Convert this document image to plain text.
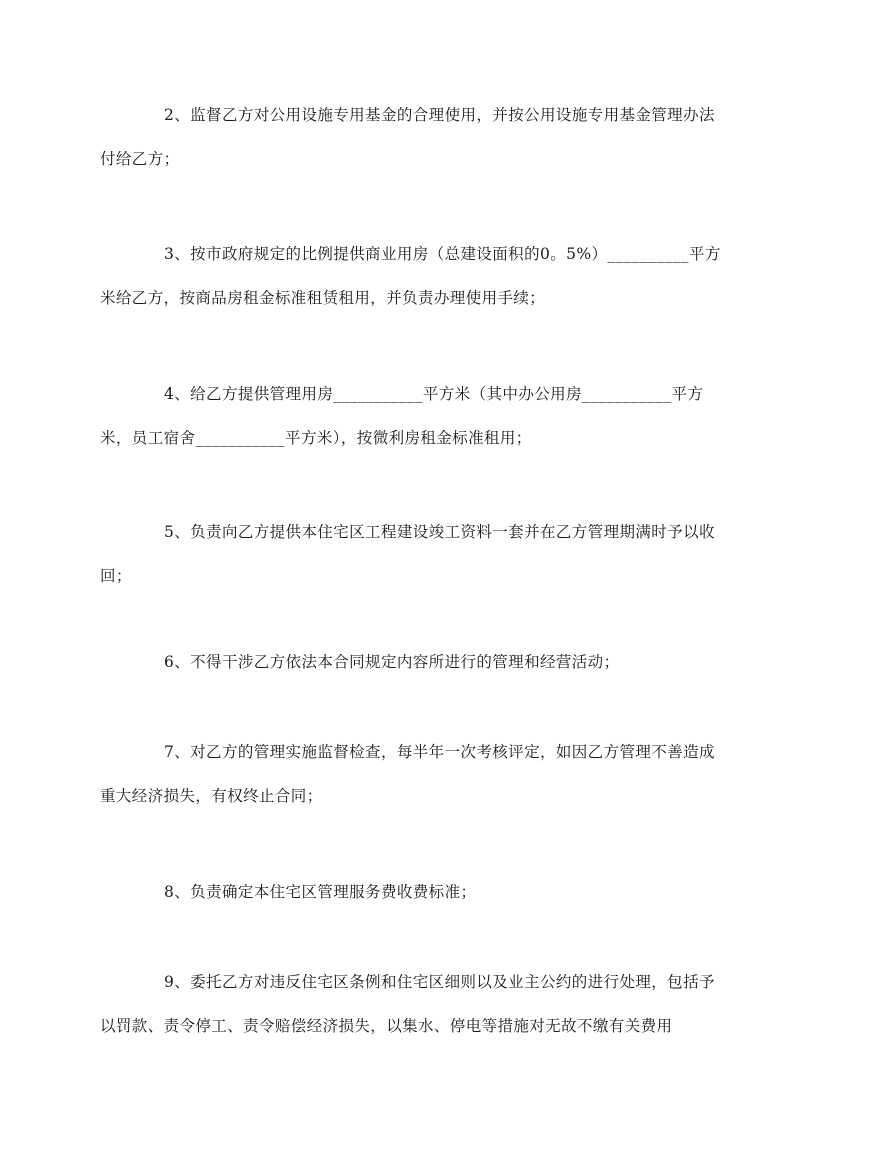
2、监督乙方对公用设施专用基金的合理使用，并按公用设施专用基金管理办法
付给乙方；

3、按市政府规定的比例提供商业用房（总建设面积的0。5%）__________平方
米给乙方，按商品房租金标准租赁租用，并负责办理使用手续；

4、给乙方提供管理用房___________平方米（其中办公用房___________平方
米，员工宿舍___________平方米），按微利房租金标准租用；

5、负责向乙方提供本住宅区工程建设竣工资料一套并在乙方管理期满时予以收
回；

6、不得干涉乙方依法本合同规定内容所进行的管理和经营活动；

7、对乙方的管理实施监督检查，每半年一次考核评定，如因乙方管理不善造成
重大经济损失，有权终止合同；

8、负责确定本住宅区管理服务费收费标准；

9、委托乙方对违反住宅区条例和住宅区细则以及业主公约的进行处理，包括予
以罚款、责令停工、责令赔偿经济损失，以集水、停电等措施对无故不缴有关费用
